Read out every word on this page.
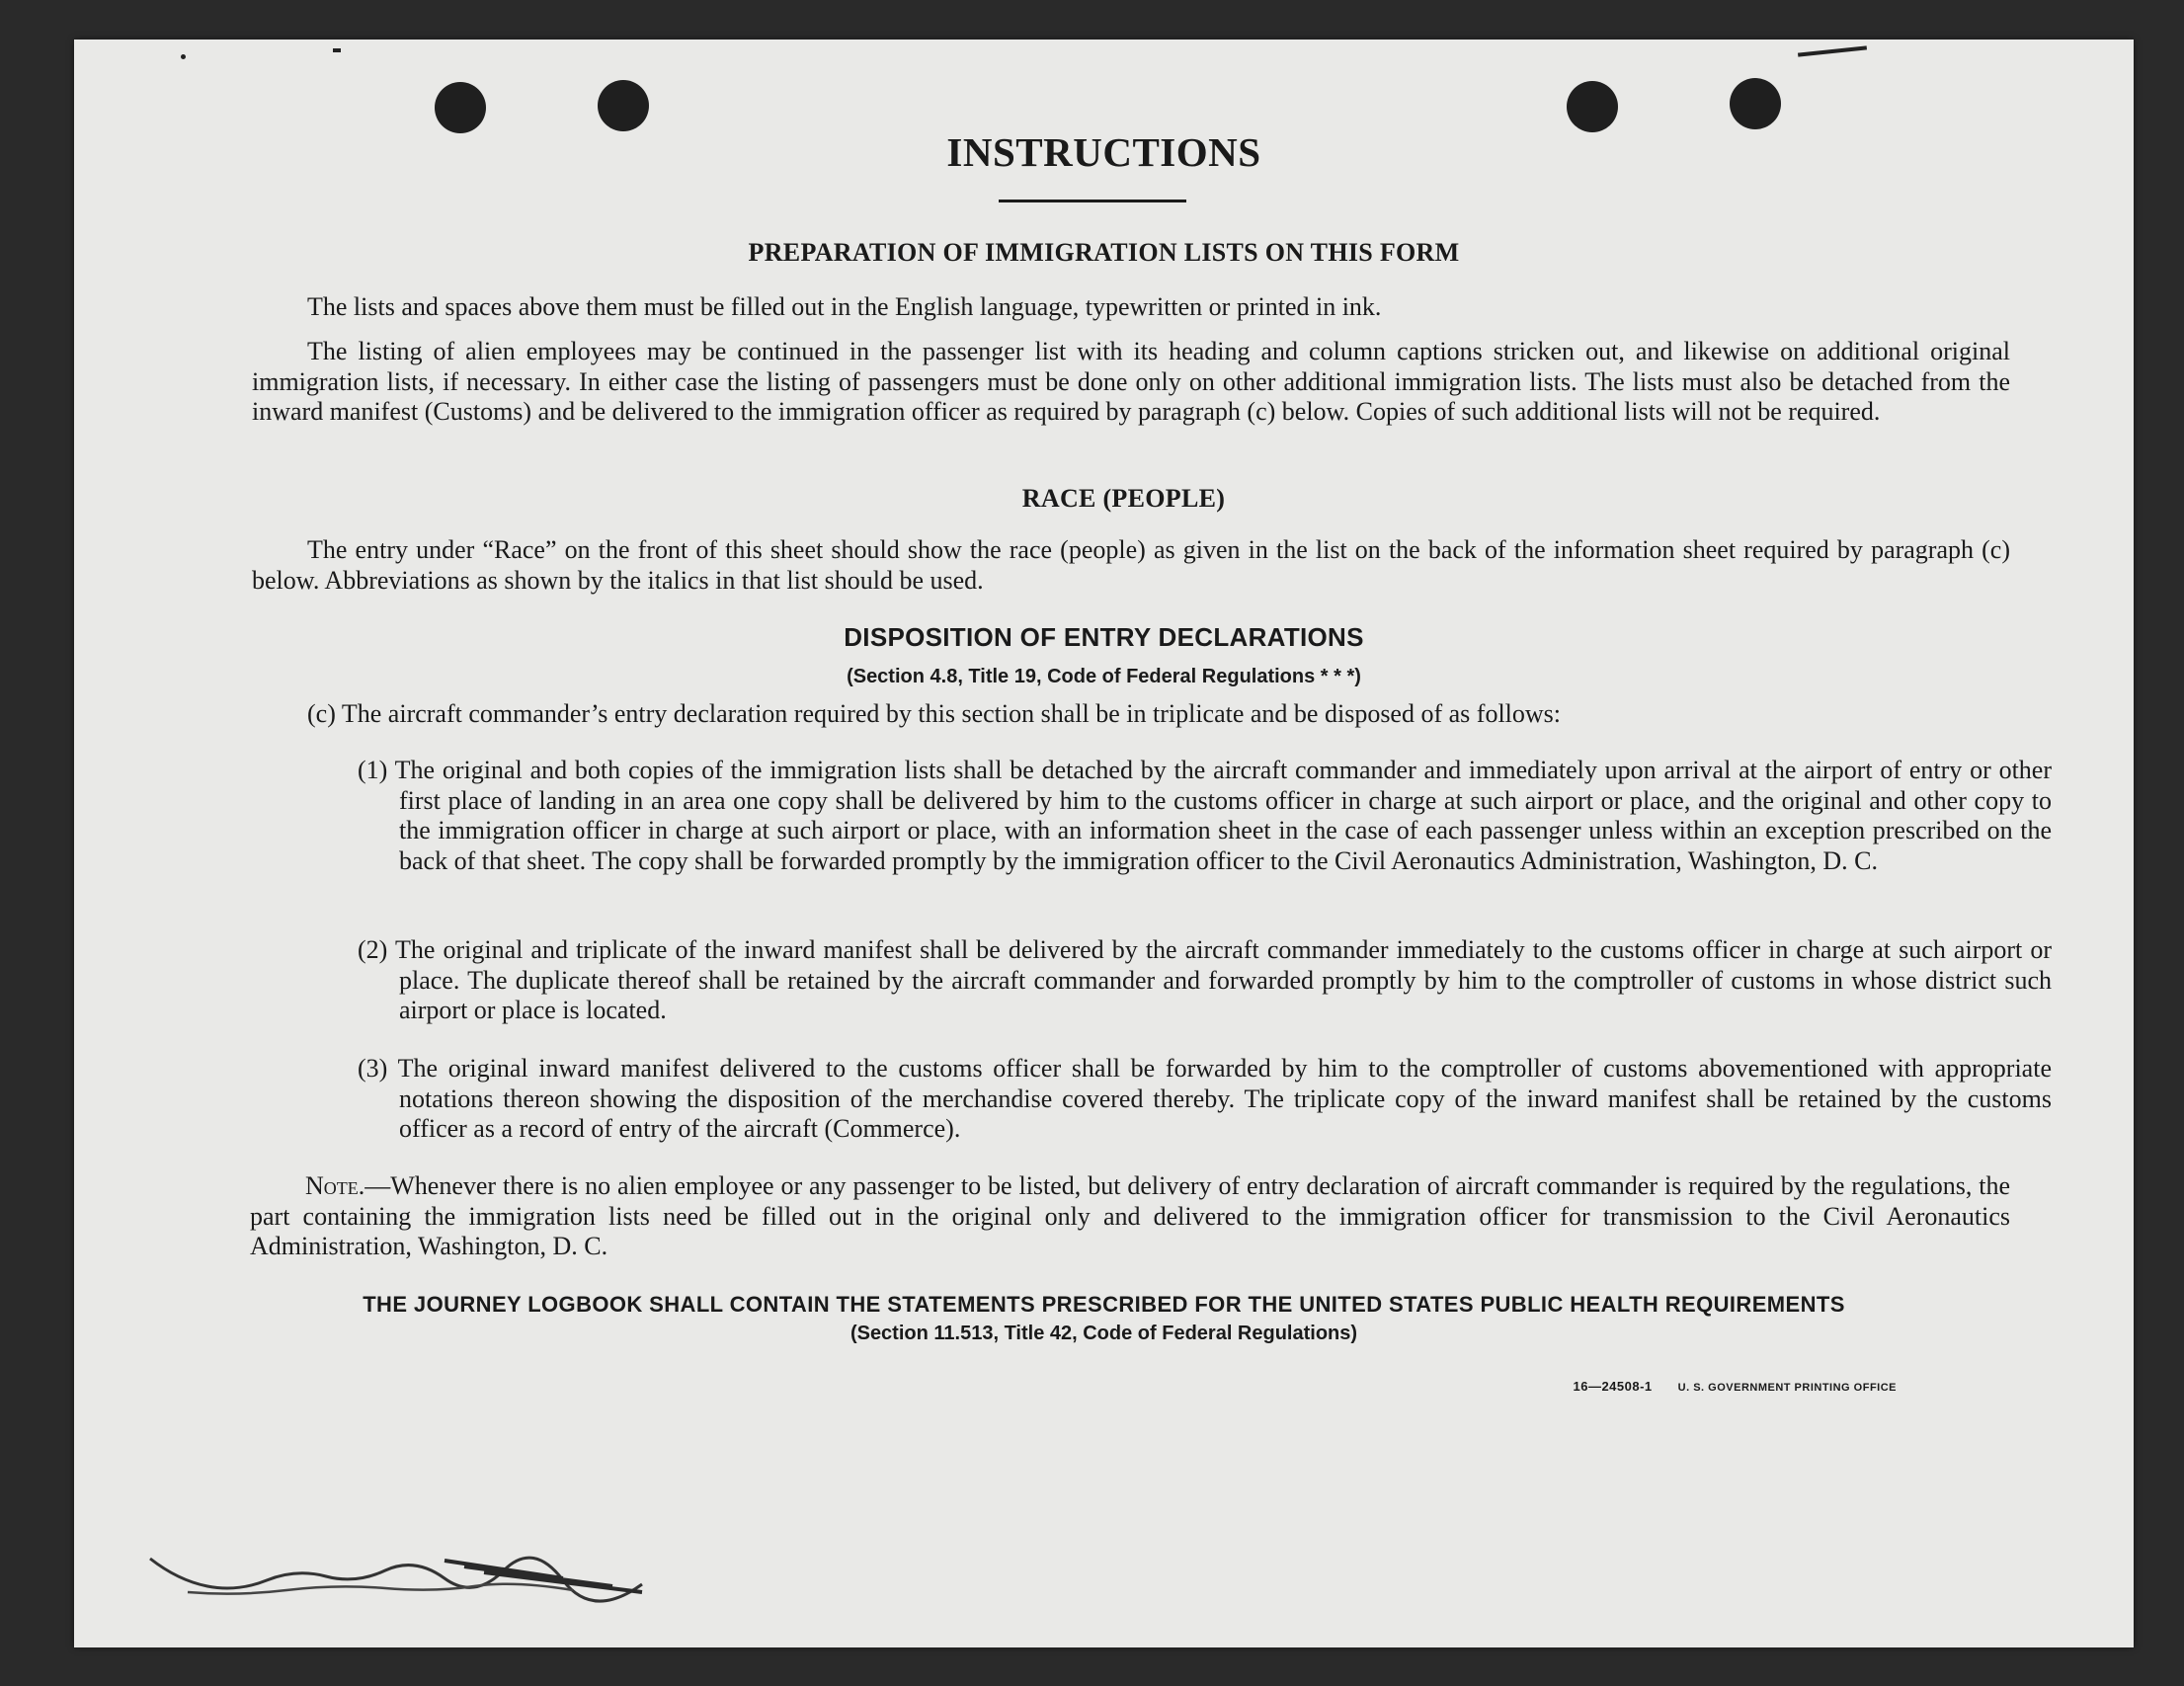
INSTRUCTIONS
PREPARATION OF IMMIGRATION LISTS ON THIS FORM
The lists and spaces above them must be filled out in the English language, typewritten or printed in ink.
The listing of alien employees may be continued in the passenger list with its heading and column captions stricken out, and likewise on additional original immigration lists, if necessary. In either case the listing of passengers must be done only on other additional immigration lists. The lists must also be detached from the inward manifest (Customs) and be delivered to the immigration officer as required by paragraph (c) below. Copies of such additional lists will not be required.
RACE (PEOPLE)
The entry under “Race” on the front of this sheet should show the race (people) as given in the list on the back of the information sheet required by paragraph (c) below. Abbreviations as shown by the italics in that list should be used.
DISPOSITION OF ENTRY DECLARATIONS
(Section 4.8, Title 19, Code of Federal Regulations * * *)
(c) The aircraft commander’s entry declaration required by this section shall be in triplicate and be disposed of as follows:
(1) The original and both copies of the immigration lists shall be detached by the aircraft commander and immediately upon arrival at the airport of entry or other first place of landing in an area one copy shall be delivered by him to the customs officer in charge at such airport or place, and the original and other copy to the immigration officer in charge at such airport or place, with an information sheet in the case of each passenger unless within an exception prescribed on the back of that sheet. The copy shall be forwarded promptly by the immigration officer to the Civil Aeronautics Administration, Washington, D. C.
(2) The original and triplicate of the inward manifest shall be delivered by the aircraft commander immediately to the customs officer in charge at such airport or place. The duplicate thereof shall be retained by the aircraft commander and forwarded promptly by him to the comptroller of customs in whose district such airport or place is located.
(3) The original inward manifest delivered to the customs officer shall be forwarded by him to the comptroller of customs abovementioned with appropriate notations thereon showing the disposition of the merchandise covered thereby. The triplicate copy of the inward manifest shall be retained by the customs officer as a record of entry of the aircraft (Commerce).
Note.—Whenever there is no alien employee or any passenger to be listed, but delivery of entry declaration of aircraft commander is required by the regulations, the part containing the immigration lists need be filled out in the original only and delivered to the immigration officer for transmission to the Civil Aeronautics Administration, Washington, D. C.
THE JOURNEY LOGBOOK SHALL CONTAIN THE STATEMENTS PRESCRIBED FOR THE UNITED STATES PUBLIC HEALTH REQUIREMENTS
(Section 11.513, Title 42, Code of Federal Regulations)
16—24508-1 U. S. GOVERNMENT PRINTING OFFICE
